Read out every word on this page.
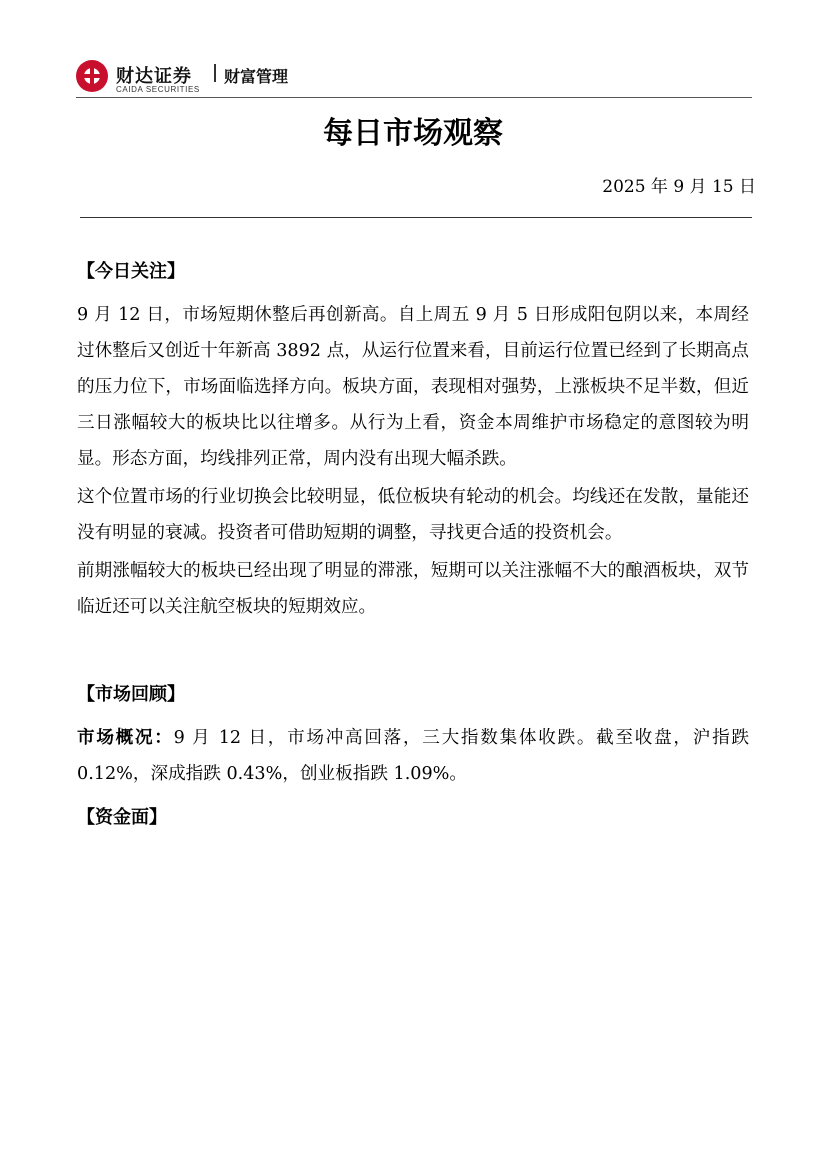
财达证券
CAIDA SECURITIES
财富管理
每日市场观察
2025 年 9 月 15 日
【今日关注】

9 月 12 日，市场短期休整后再创新高。自上周五 9 月 5 日形成阳包阴以来，本周经过休整后又创近十年新高 3892 点，从运行位置来看，目前运行位置已经到了长期高点的压力位下，市场面临选择方向。板块方面，表现相对强势，上涨板块不足半数，但近三日涨幅较大的板块比以往增多。从行为上看，资金本周维护市场稳定的意图较为明显。形态方面，均线排列正常，周内没有出现大幅杀跌。

这个位置市场的行业切换会比较明显，低位板块有轮动的机会。均线还在发散，量能还没有明显的衰减。投资者可借助短期的调整，寻找更合适的投资机会。

前期涨幅较大的板块已经出现了明显的滞涨，短期可以关注涨幅不大的酿酒板块，双节临近还可以关注航空板块的短期效应。

【市场回顾】

市场概况：9 月 12 日，市场冲高回落，三大指数集体收跌。截至收盘，沪指跌 0.12%，深成指跌 0.43%，创业板指跌 1.09%。

【资金面】
